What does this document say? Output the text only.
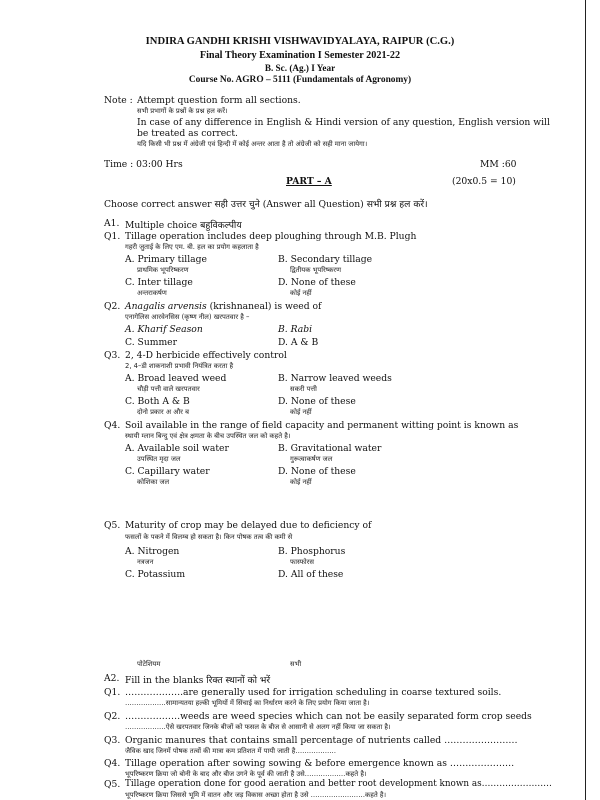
INDIRA GANDHI KRISHI VISHWAVIDYALAYA, RAIPUR (C.G.)
Final Theory Examination I Semester 2021-22
B. Sc. (Ag.) I Year
Course No. AGRO – 5111 (Fundamentals of Agronomy)
Note : Attempt question form all sections.
सभी प्रभागों के प्रश्नों के प्रश्न हल करें।
In case of any difference in English & Hindi version of any question, English version will
be treated as correct.
यदि किसी भी प्रश्न में अंग्रेजी एवं हिन्दी में कोई अन्तर आता है तो अंग्रेजी को सही माना जायेगा।
Time : 03:00 Hrs	MM :60
PART – A	(20x0.5 = 10)
Choose correct answer सही उत्तर चुने (Answer all Question) सभी प्रश्न हल करें।
A1. Multiple choice बहुविकल्पीय
Q1. Tillage operation includes deep ploughing through M.B. Plugh
गहरी जुताई के लिए एम. बी. हल का प्रयोग कहलाता है
A. Primary tillage
प्राथमिक भूपरिष्करण
B. Secondary tillage
द्वितीयक भूपरिष्करण
C. Inter tillage
अन्तराकर्षण
D. None of these
कोई नहीं
Q2. Anagalis arvensis (krishnaneal) is weed of
एनागेलिस आरवेनसिस (कृष्ण नील) खरपतवार है –
A. Kharif Season	B. Rabi
C. Summer	D. A & B
Q3. 2, 4-D herbicide effectively control
2, 4–डी शाकनाशी प्रभावी नियंत्रित करता है
A. Broad leaved weed
चौड़ी पत्ती वाले खरपतवार
B. Narrow leaved weeds
सकरी पत्ती
C. Both A & B
दोनो प्रकार अ और ब
D. None of these
कोई नहीं
Q4. Soil available in the range of field capacity and permanent witting point is known as
स्थायी म्लान बिन्दु एवं क्षेत्र क्षमता के बीच उपस्थित जल को कहते है।
A. Available soil water
उपस्थित मृदा जल
B. Gravitational water
गुरूत्वाकर्षण जल
C. Capillary water
कोशिका जल
D. None of these
कोई नहीं
Q5. Maturity of crop may be delayed due to deficiency of
फसलों के पकने में विलम्ब हो सकता है। किन पोषक तत्व की कमी से
A. Nitrogen
नत्रजन
B. Phosphorus
फास्फोरस
C. Potassium	D. All of these
पोटेशियम	सभी
A2. Fill in the blanks रिक्त स्थानों को भरें
Q1. ……………….are generally used for irrigation scheduling in coarse textured soils.
………………सामान्यतया हल्की भूमियों में सिंचाई का निर्धारण करने के लिए प्रयोग किया जाता है।
Q2. ………………weeds are weed species which can not be easily separated form crop seeds
………………ऐसे खरपतवार जिनके बीजों को फसल के बीज से आसानी से अलग नहीं किया जा सकता है।
Q3. Organic manures that contains small percentage of nutrients called ……………………
जैविक खाद जिनमें पोषक तत्वों की मात्रा कम प्रतिशत में पायी जाती है………………
Q4. Tillage operation after sowing sowing & before emergence known as …………………
भूपरिष्करण क्रिया जो बोनी के बाद और बीज उगने के पूर्व की जाती है उसे………………कहते है।
Q5. Tillage operation done for good aeration and better root development known as……………………
भूपरिष्करण क्रिया जिससे भूमि में वातन और जड़ विकास अच्छा होता है उसे ……………………कहते है।
